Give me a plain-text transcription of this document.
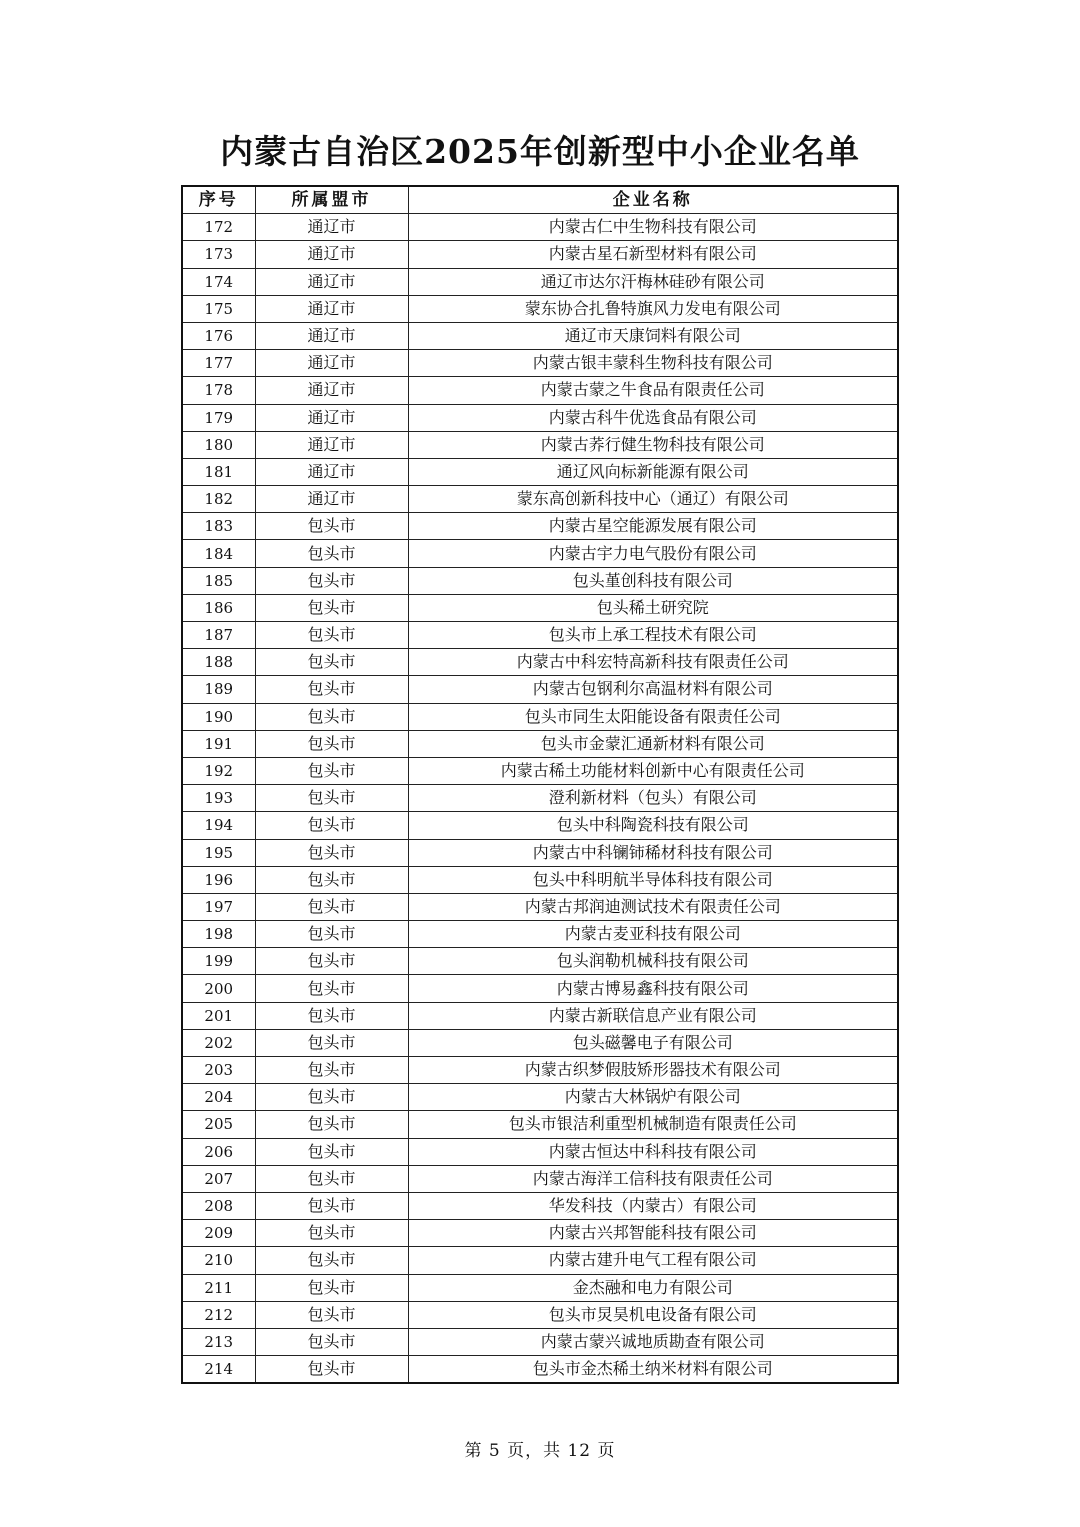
内蒙古自治区2025年创新型中小企业名单
序号	所属盟市	企业名称
172	通辽市	内蒙古仁中生物科技有限公司
173	通辽市	内蒙古星石新型材料有限公司
174	通辽市	通辽市达尔汗梅林硅砂有限公司
175	通辽市	蒙东协合扎鲁特旗风力发电有限公司
176	通辽市	通辽市天康饲料有限公司
177	通辽市	内蒙古银丰蒙科生物科技有限公司
178	通辽市	内蒙古蒙之牛食品有限责任公司
179	通辽市	内蒙古科牛优选食品有限公司
180	通辽市	内蒙古荞行健生物科技有限公司
181	通辽市	通辽风向标新能源有限公司
182	通辽市	蒙东高创新科技中心（通辽）有限公司
183	包头市	内蒙古星空能源发展有限公司
184	包头市	内蒙古宇力电气股份有限公司
185	包头市	包头堇创科技有限公司
186	包头市	包头稀土研究院
187	包头市	包头市上承工程技术有限公司
188	包头市	内蒙古中科宏特高新科技有限责任公司
189	包头市	内蒙古包钢利尔高温材料有限公司
190	包头市	包头市同生太阳能设备有限责任公司
191	包头市	包头市金蒙汇通新材料有限公司
192	包头市	内蒙古稀土功能材料创新中心有限责任公司
193	包头市	澄利新材料（包头）有限公司
194	包头市	包头中科陶瓷科技有限公司
195	包头市	内蒙古中科镧铈稀材科技有限公司
196	包头市	包头中科明航半导体科技有限公司
197	包头市	内蒙古邦润迪测试技术有限责任公司
198	包头市	内蒙古麦亚科技有限公司
199	包头市	包头润勒机械科技有限公司
200	包头市	内蒙古博易鑫科技有限公司
201	包头市	内蒙古新联信息产业有限公司
202	包头市	包头磁馨电子有限公司
203	包头市	内蒙古织梦假肢矫形器技术有限公司
204	包头市	内蒙古大林锅炉有限公司
205	包头市	包头市银洁利重型机械制造有限责任公司
206	包头市	内蒙古恒达中科科技有限公司
207	包头市	内蒙古海洋工信科技有限责任公司
208	包头市	华发科技（内蒙古）有限公司
209	包头市	内蒙古兴邦智能科技有限公司
210	包头市	内蒙古建升电气工程有限公司
211	包头市	金杰融和电力有限公司
212	包头市	包头市炅昊机电设备有限公司
213	包头市	内蒙古蒙兴诚地质勘查有限公司
214	包头市	包头市金杰稀土纳米材料有限公司
第 5 页，共 12 页
